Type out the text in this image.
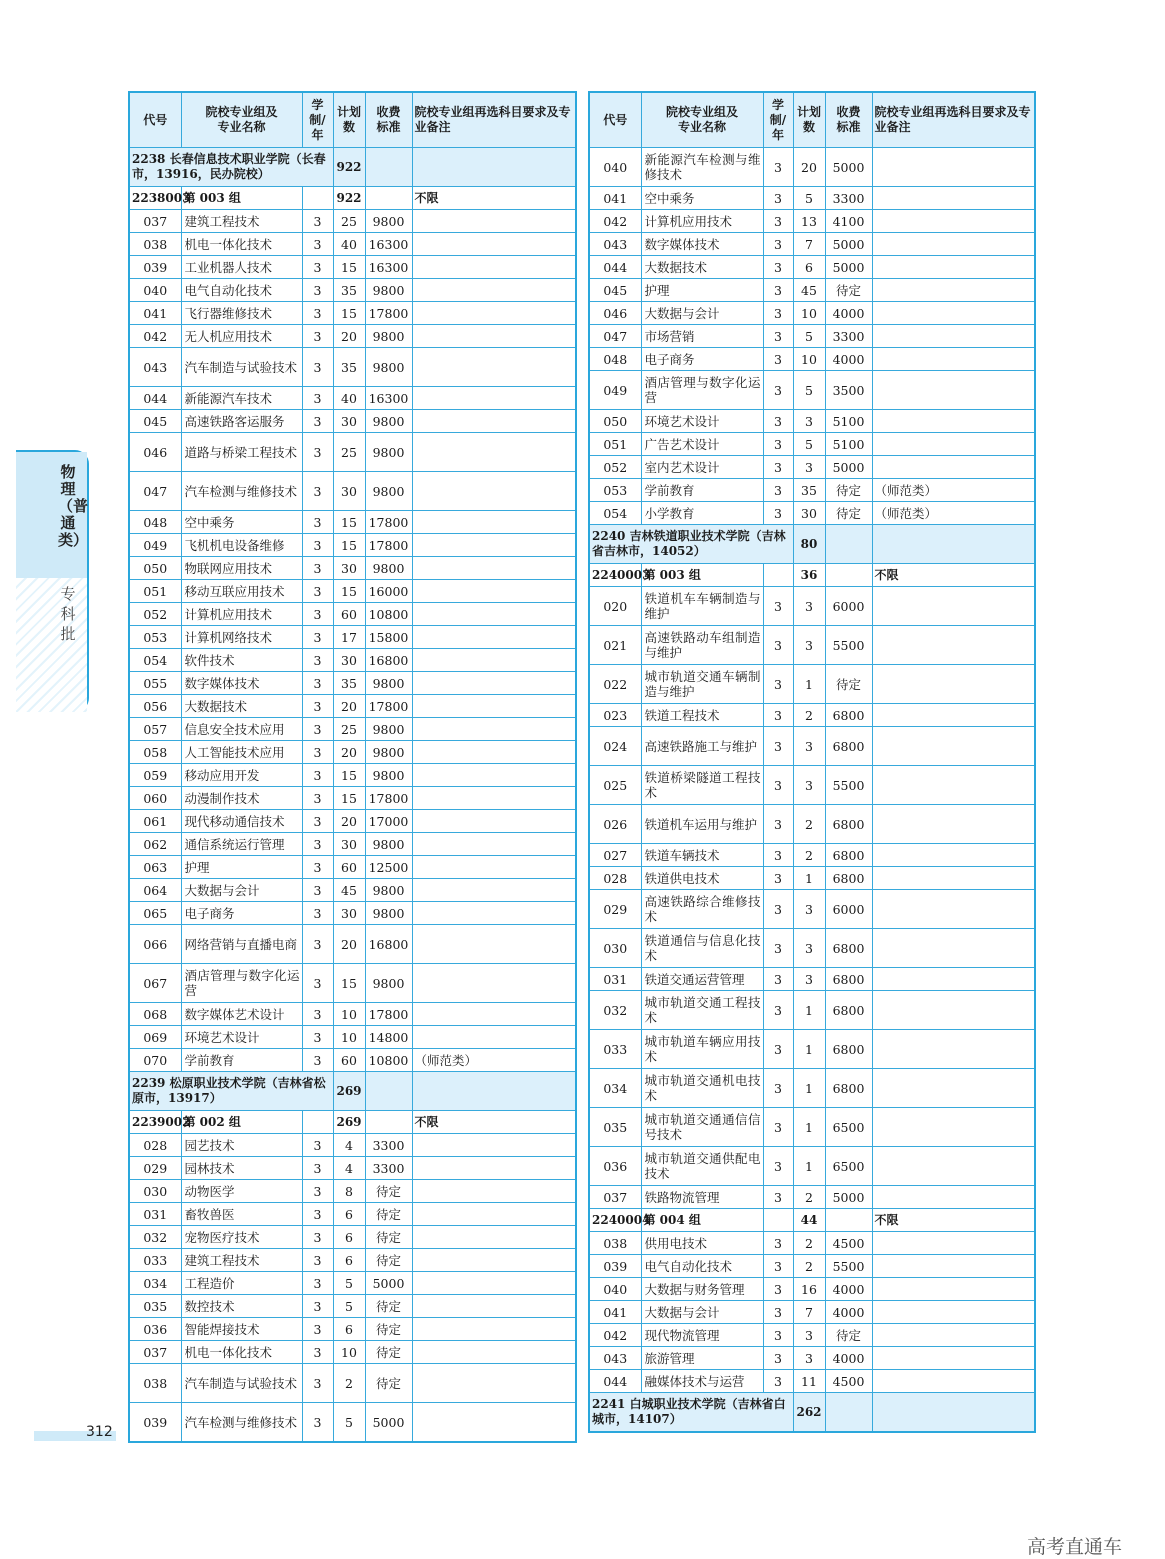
物理（普通类）
专科批
代号	院校专业组及
专业名称	学制/年	计划数	收费
标准	院校专业组再选科目要求及专业备注
2238 长春信息技术职业学院（长春市，13916，民办院校）			922		
2238003	第 003 组		922		不限
037	建筑工程技术	3	25	9800	
038	机电一体化技术	3	40	16300	
039	工业机器人技术	3	15	16300	
040	电气自动化技术	3	35	9800	
041	飞行器维修技术	3	15	17800	
042	无人机应用技术	3	20	9800	
043	汽车制造与试验技术	3	35	9800	
044	新能源汽车技术	3	40	16300	
045	高速铁路客运服务	3	30	9800	
046	道路与桥梁工程技术	3	25	9800	
047	汽车检测与维修技术	3	30	9800	
048	空中乘务	3	15	17800	
049	飞机机电设备维修	3	15	17800	
050	物联网应用技术	3	30	9800	
051	移动互联应用技术	3	15	16000	
052	计算机应用技术	3	60	10800	
053	计算机网络技术	3	17	15800	
054	软件技术	3	30	16800	
055	数字媒体技术	3	35	9800	
056	大数据技术	3	20	17800	
057	信息安全技术应用	3	25	9800	
058	人工智能技术应用	3	20	9800	
059	移动应用开发	3	15	9800	
060	动漫制作技术	3	15	17800	
061	现代移动通信技术	3	20	17000	
062	通信系统运行管理	3	30	9800	
063	护理	3	60	12500	
064	大数据与会计	3	45	9800	
065	电子商务	3	30	9800	
066	网络营销与直播电商	3	20	16800	
067	酒店管理与数字化运营	3	15	9800	
068	数字媒体艺术设计	3	10	17800	
069	环境艺术设计	3	10	14800	
070	学前教育	3	60	10800	（师范类）
2239 松原职业技术学院（吉林省松原市，13917）			269		
2239002	第 002 组		269		不限
028	园艺技术	3	4	3300	
029	园林技术	3	4	3300	
030	动物医学	3	8	待定	
031	畜牧兽医	3	6	待定	
032	宠物医疗技术	3	6	待定	
033	建筑工程技术	3	6	待定	
034	工程造价	3	5	5000	
035	数控技术	3	5	待定	
036	智能焊接技术	3	6	待定	
037	机电一体化技术	3	10	待定	
038	汽车制造与试验技术	3	2	待定	
039	汽车检测与维修技术	3	5	5000	
代号	院校专业组及
专业名称	学制/年	计划数	收费
标准	院校专业组再选科目要求及专业备注
040	新能源汽车检测与维修技术	3	20	5000	
041	空中乘务	3	5	3300	
042	计算机应用技术	3	13	4100	
043	数字媒体技术	3	7	5000	
044	大数据技术	3	6	5000	
045	护理	3	45	待定	
046	大数据与会计	3	10	4000	
047	市场营销	3	5	3300	
048	电子商务	3	10	4000	
049	酒店管理与数字化运营	3	5	3500	
050	环境艺术设计	3	3	5100	
051	广告艺术设计	3	5	5100	
052	室内艺术设计	3	3	5000	
053	学前教育	3	35	待定	（师范类）
054	小学教育	3	30	待定	（师范类）
2240 吉林铁道职业技术学院（吉林省吉林市，14052）			80		
2240003	第 003 组		36		不限
020	铁道机车车辆制造与维护	3	3	6000	
021	高速铁路动车组制造与维护	3	3	5500	
022	城市轨道交通车辆制造与维护	3	1	待定	
023	铁道工程技术	3	2	6800	
024	高速铁路施工与维护	3	3	6800	
025	铁道桥梁隧道工程技术	3	3	5500	
026	铁道机车运用与维护	3	2	6800	
027	铁道车辆技术	3	2	6800	
028	铁道供电技术	3	1	6800	
029	高速铁路综合维修技术	3	3	6000	
030	铁道通信与信息化技术	3	3	6800	
031	铁道交通运营管理	3	3	6800	
032	城市轨道交通工程技术	3	1	6800	
033	城市轨道车辆应用技术	3	1	6800	
034	城市轨道交通机电技术	3	1	6800	
035	城市轨道交通通信信号技术	3	1	6500	
036	城市轨道交通供配电技术	3	1	6500	
037	铁路物流管理	3	2	5000	
2240004	第 004 组		44		不限
038	供用电技术	3	2	4500	
039	电气自动化技术	3	2	5500	
040	大数据与财务管理	3	16	4000	
041	大数据与会计	3	7	4000	
042	现代物流管理	3	3	待定	
043	旅游管理	3	3	4000	
044	融媒体技术与运营	3	11	4500	
2241 白城职业技术学院（吉林省白城市，14107）			262		
312
高考直通车
